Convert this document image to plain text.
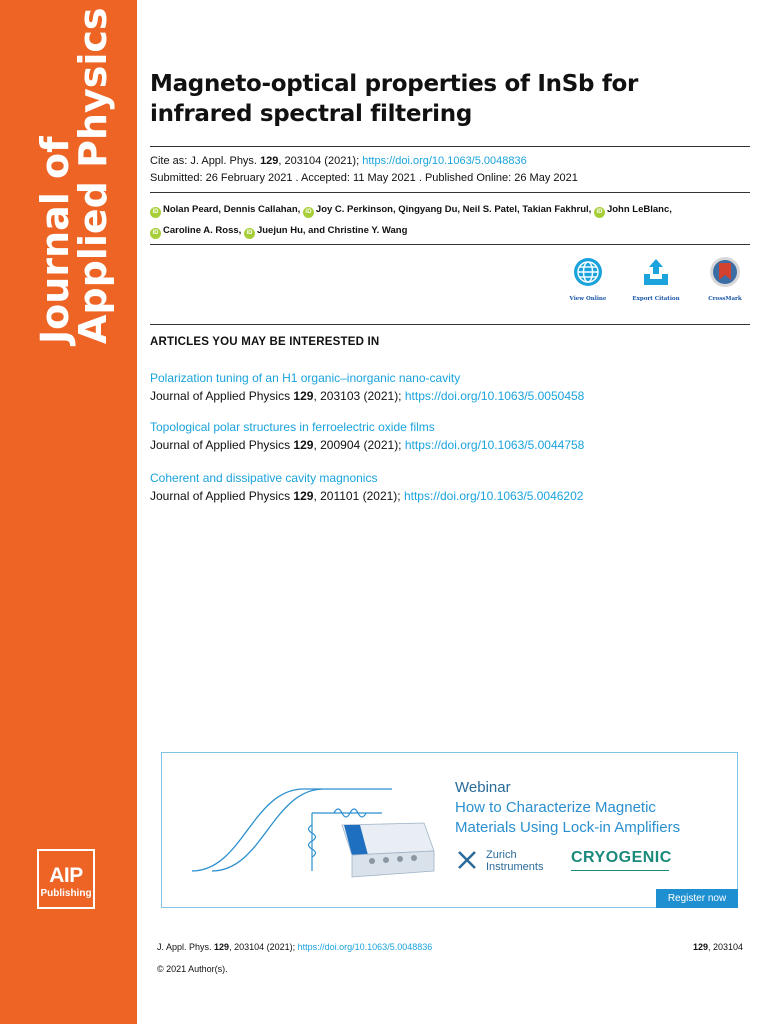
Journal of
Applied Physics
AIP
Publishing
Magneto-optical properties of InSb for infrared spectral filtering
Cite as: J. Appl. Phys. 129, 203104 (2021); https://doi.org/10.1063/5.0048836
Submitted: 26 February 2021 . Accepted: 11 May 2021 . Published Online: 26 May 2021
iD Nolan Peard, Dennis Callahan, iD Joy C. Perkinson, Qingyang Du, Neil S. Patel, Takian Fakhrul, iD John LeBlanc,
iD Caroline A. Ross, iD Juejun Hu, and Christine Y. Wang
View Online	Export Citation	CrossMark
ARTICLES YOU MAY BE INTERESTED IN
Polarization tuning of an H1 organic–inorganic nano-cavity
Journal of Applied Physics 129, 203103 (2021); https://doi.org/10.1063/5.0050458
Topological polar structures in ferroelectric oxide films
Journal of Applied Physics 129, 200904 (2021); https://doi.org/10.1063/5.0044758
Coherent and dissipative cavity magnonics
Journal of Applied Physics 129, 201101 (2021); https://doi.org/10.1063/5.0046202
Webinar
How to Characterize Magnetic
Materials Using Lock-in Amplifiers
Zurich
Instruments
CRYOGENIC
Register now
J. Appl. Phys. 129, 203104 (2021); https://doi.org/10.1063/5.0048836	129, 203104
© 2021 Author(s).
